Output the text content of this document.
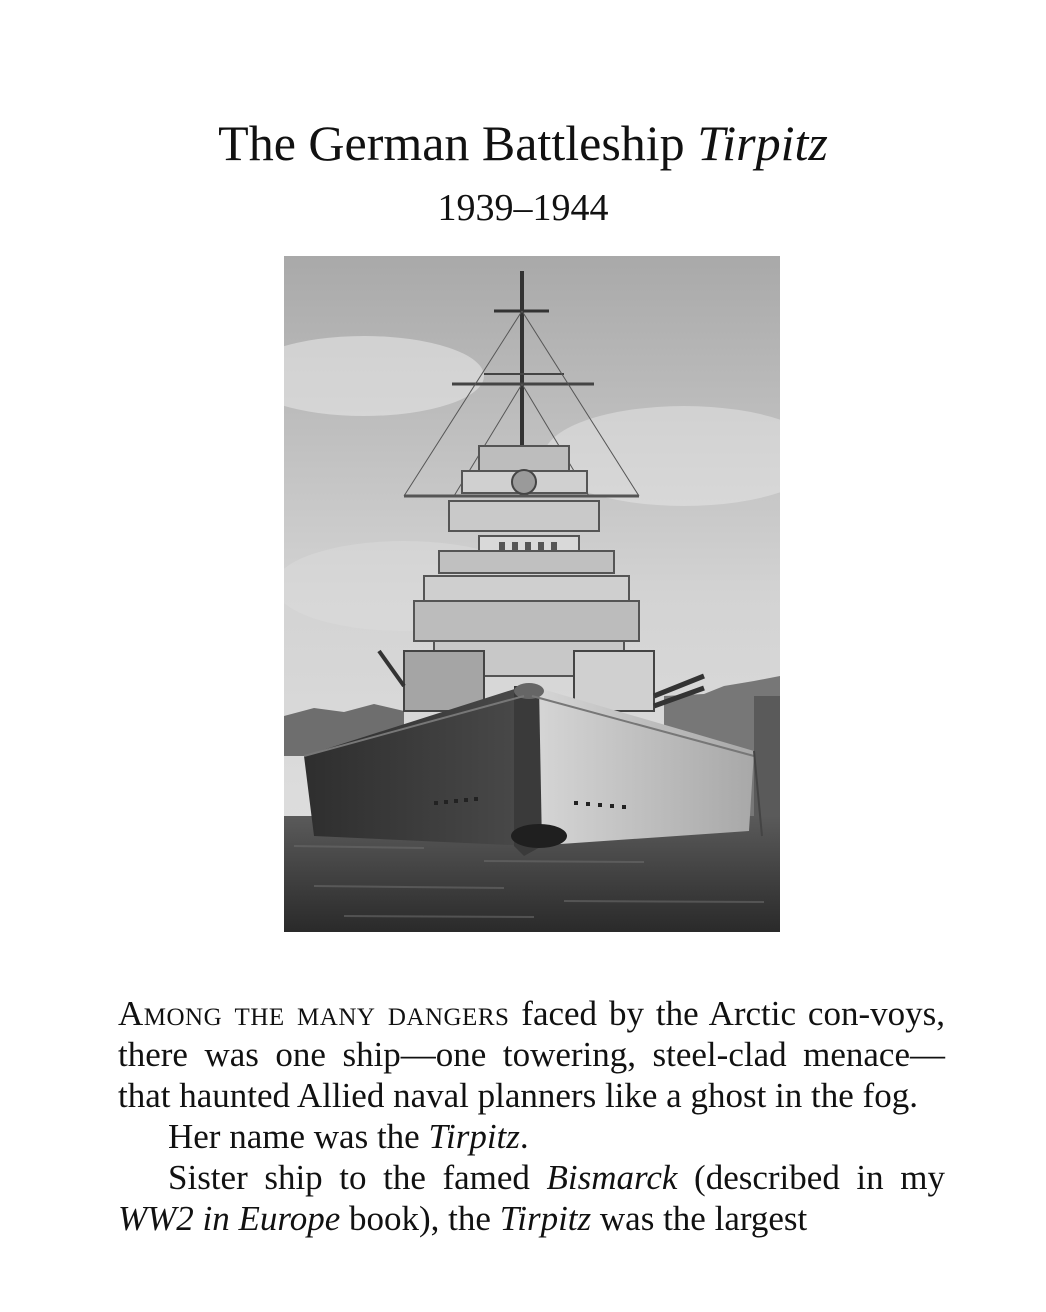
The German Battleship Tirpitz
1939–1944

Among the many dangers faced by the Arctic con-voys, there was one ship—one towering, steel-clad menace—that haunted Allied naval planners like a ghost in the fog.

Her name was the Tirpitz.

Sister ship to the famed Bismarck (described in my WW2 in Europe book), the Tirpitz was the largest
